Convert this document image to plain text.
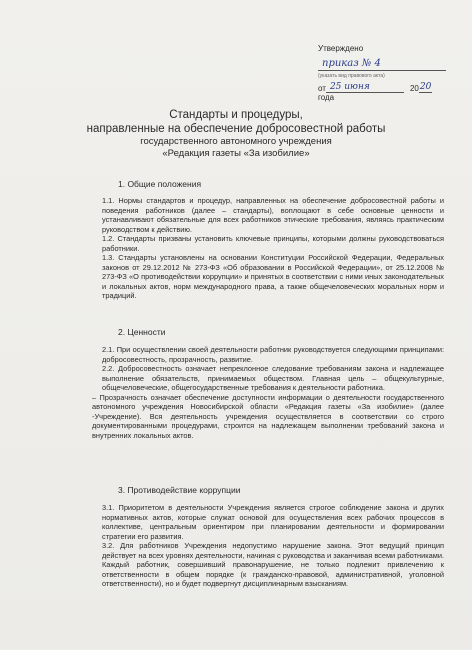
Утверждено
приказ № 4
(указать вид правового акта)
от 25 июня	20 20
года
Стандарты и процедуры,
направленные на обеспечение добросовестной работы
государственного автономного учреждения
«Редакция газеты «За изобилие»
1. Общие положения
1.1. Нормы стандартов и процедур, направленных на обеспечение добросовестной работы и поведения работников (далее – стандарты), воплощают в себе основные ценности и устанавливают обязательные для всех работников этические требования, являясь практическим руководством к действию.
1.2. Стандарты призваны установить ключевые принципы, которыми должны руководствоваться работники.
1.3. Стандарты установлены на основании Конституции Российской Федерации, Федеральных законов от 29.12.2012 № 273-ФЗ «Об образовании в Российской Федерации», от 25.12.2008 № 273-ФЗ «О противодействии коррупции» и принятых в соответствии с ними иных законодательных и локальных актов, норм международного права, а также общечеловеческих моральных норм и традиций.
2. Ценности
2.1. При осуществлении своей деятельности работник руководствуется следующими принципами: добросовестность, прозрачность, развитие.
2.2. Добросовестность означает непреклонное следование требованиям закона и надлежащее выполнение обязательств, принимаемых обществом. Главная цель – общекультурные, общечеловеческие, общегосударственные требования к деятельности работника.
– Прозрачность означает обеспечение доступности информации о деятельности государственного автономного учреждения Новосибирской области «Редакция газеты «За изобилие» (далее -Учреждение). Вся деятельность учреждения осуществляется в соответствии со строго документированными процедурами, строится на надлежащем выполнении требований закона и внутренних локальных актов.
3. Противодействие коррупции
3.1. Приоритетом в деятельности Учреждения является строгое соблюдение закона и других нормативных актов, которые служат основой для осуществления всех рабочих процессов в коллективе, центральным ориентиром при планировании деятельности и формировании стратегии его развития.
3.2. Для работников Учреждения недопустимо нарушение закона. Этот ведущий принцип действует на всех уровнях деятельности, начиная с руководства и заканчивая всеми работниками. Каждый работник, совершивший правонарушение, не только подлежит привлечению к ответственности в общем порядке (к гражданско-правовой, административной, уголовной ответственности), но и будет подвергнут дисциплинарным взысканиям.
